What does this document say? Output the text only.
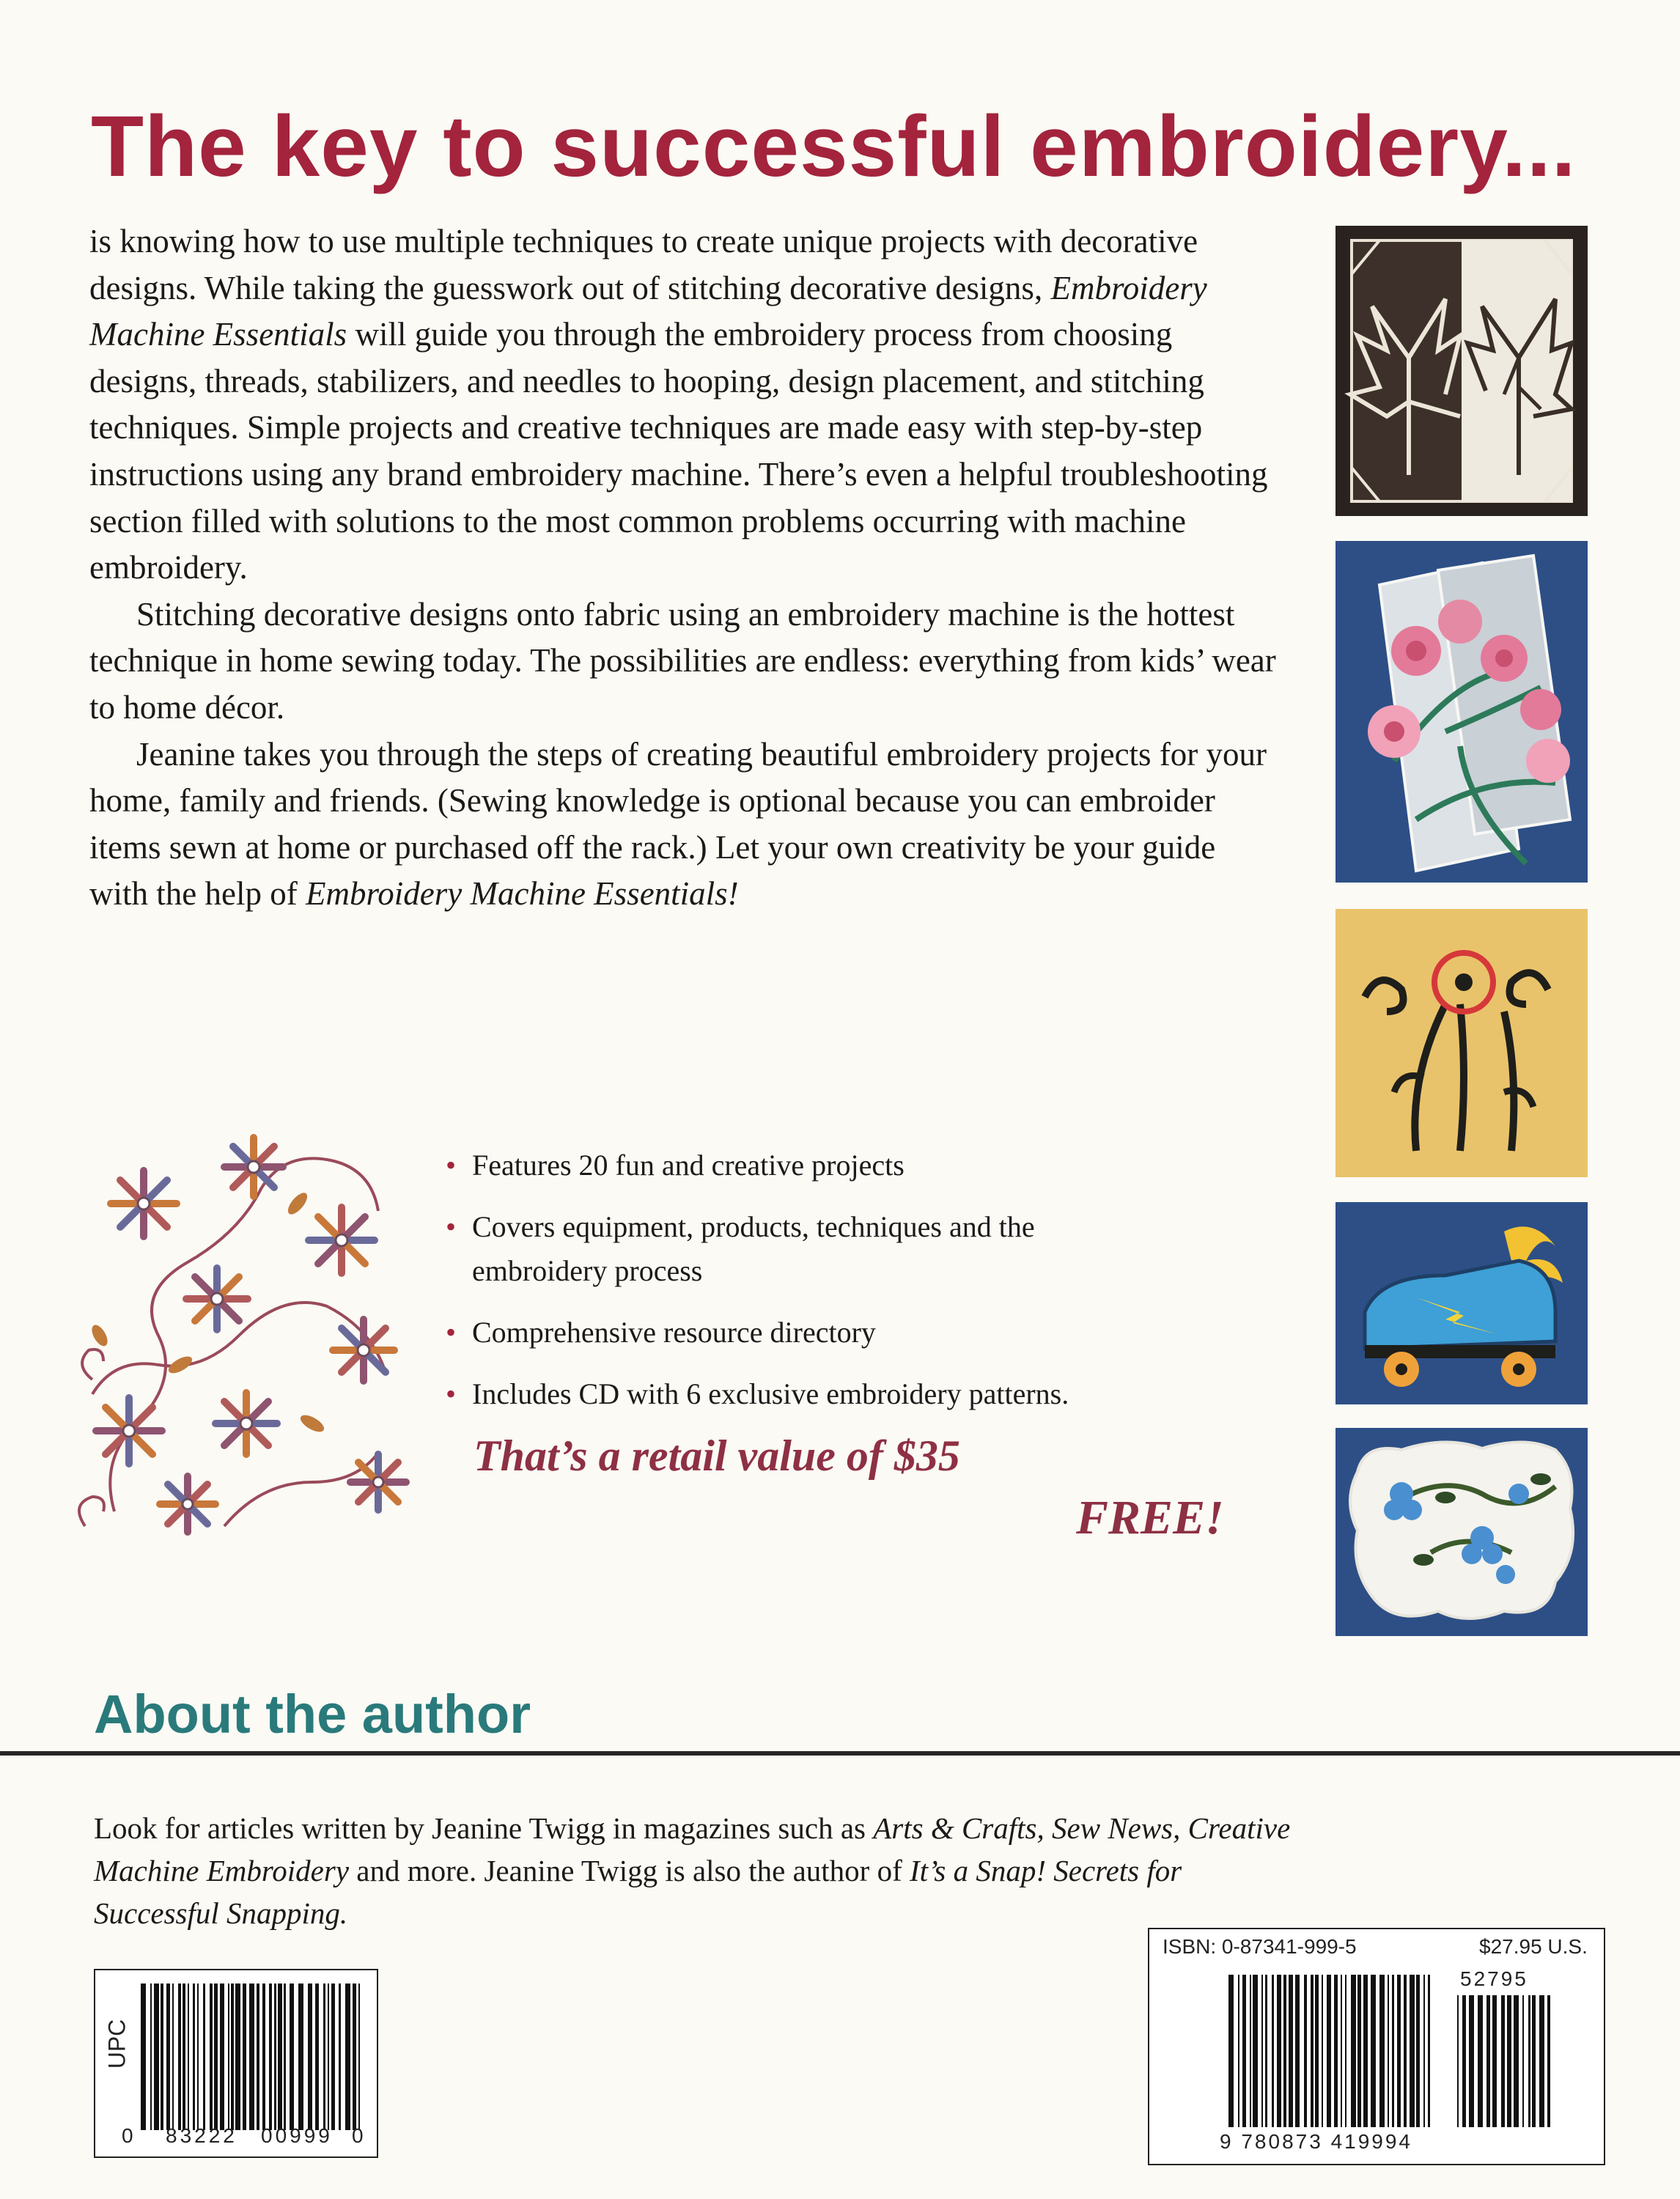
The key to successful embroidery...

is knowing how to use multiple techniques to create unique projects with decorative designs. While taking the guesswork out of stitching decorative designs, Embroidery Machine Essentials will guide you through the embroidery process from choosing designs, threads, stabilizers, and needles to hooping, design placement, and stitching techniques. Simple projects and creative techniques are made easy with step-by-step instructions using any brand embroidery machine. There’s even a helpful troubleshooting section filled with solutions to the most common problems occurring with machine embroidery.

Stitching decorative designs onto fabric using an embroidery machine is the hottest technique in home sewing today. The possibilities are endless: everything from kids’ wear to home décor.

Jeanine takes you through the steps of creating beautiful embroidery projects for your home, family and friends. (Sewing knowledge is optional because you can embroider items sewn at home or purchased off the rack.) Let your own creativity be your guide with the help of Embroidery Machine Essentials!

• Features 20 fun and creative projects
• Covers equipment, products, techniques and the embroidery process
• Comprehensive resource directory
• Includes CD with 6 exclusive embroidery patterns.
That’s a retail value of $35
FREE!
About the author
Look for articles written by Jeanine Twigg in magazines such as Arts & Crafts, Sew News, Creative Machine Embroidery and more. Jeanine Twigg is also the author of It’s a Snap! Secrets for Successful Snapping.
UPC
0 83222 00999 0
ISBN: 0-87341-999-5	$27.95 U.S.
52795
9 780873 419994
